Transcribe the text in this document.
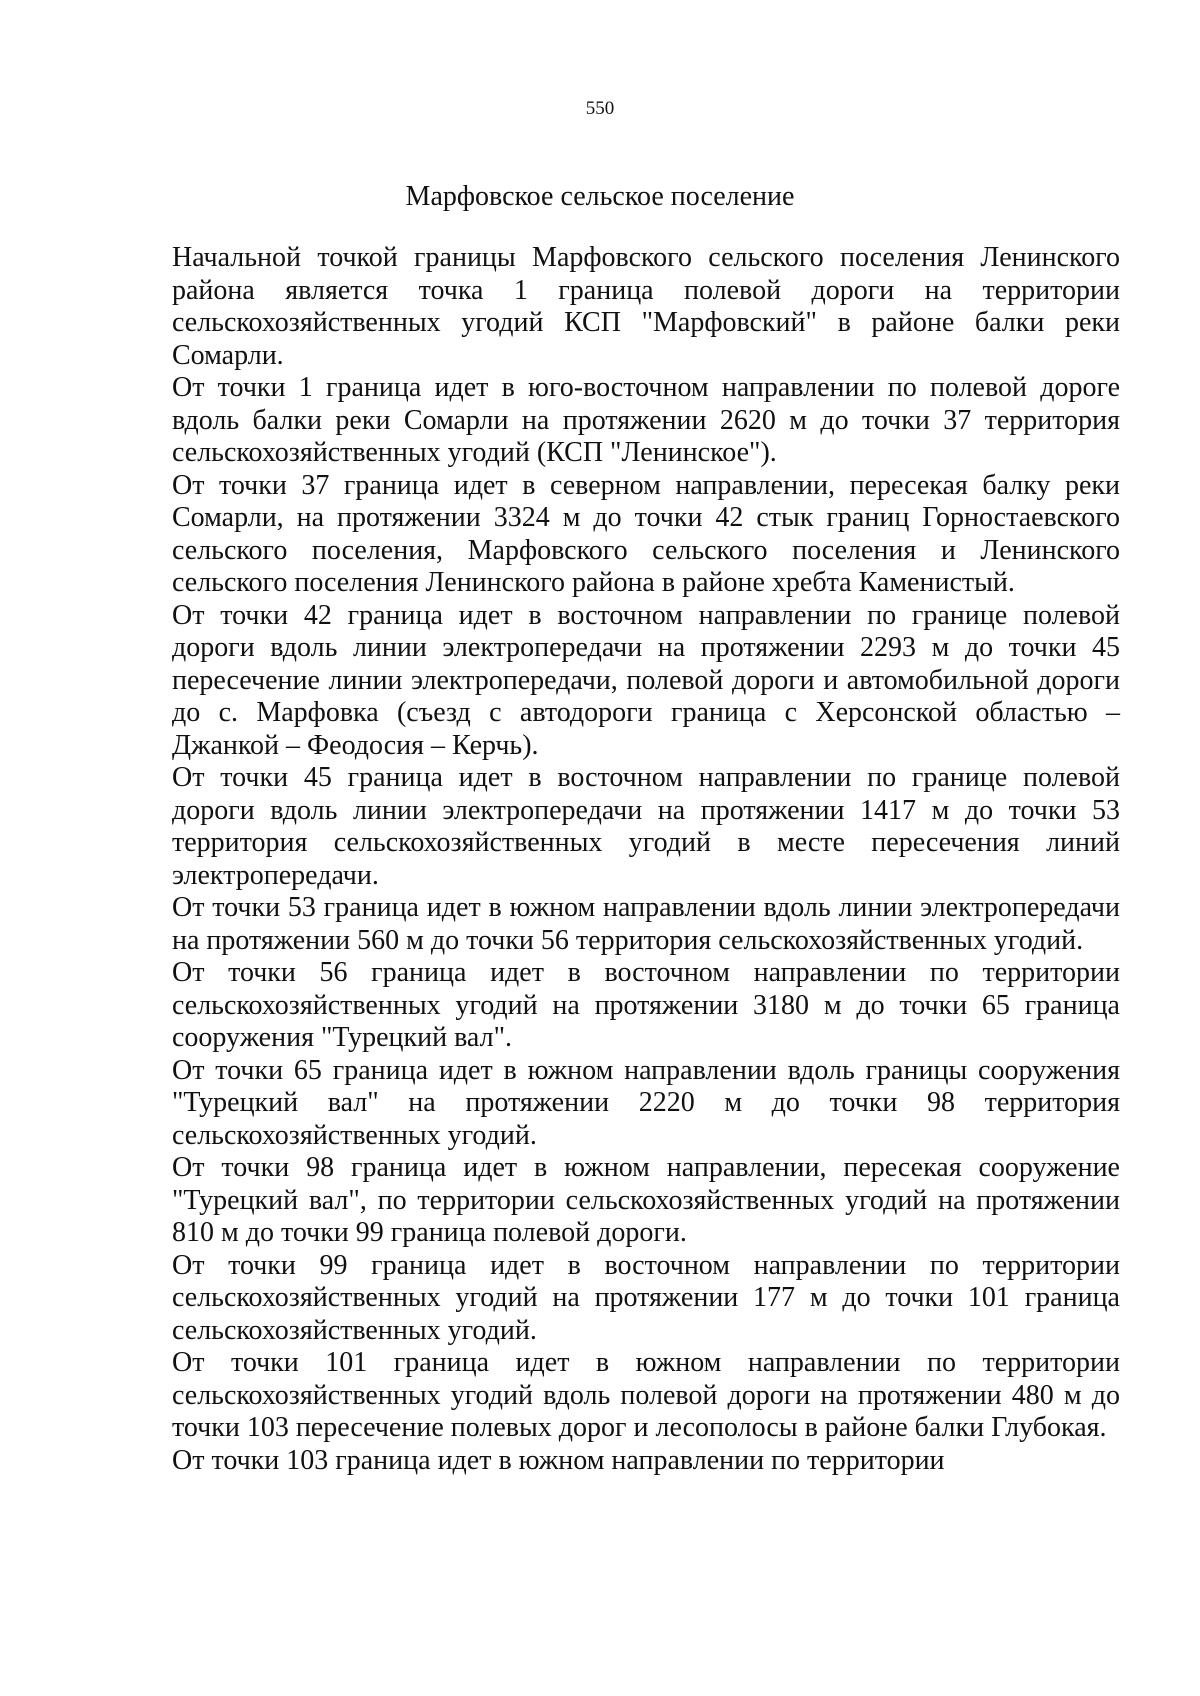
550
Марфовское сельское поселение

Начальной точкой границы Марфовского сельского поселения Ленинского района является точка 1 граница полевой дороги на территории сельскохозяйственных угодий КСП "Марфовский" в районе балки реки Сомарли.

От точки 1 граница идет в юго-восточном направлении по полевой дороге вдоль балки реки Сомарли на протяжении 2620 м до точки 37 территория сельскохозяйственных угодий (КСП "Ленинское").

От точки 37 граница идет в северном направлении, пересекая балку реки Сомарли, на протяжении 3324 м до точки 42 стык границ Горностаевского сельского поселения, Марфовского сельского поселения и Ленинского сельского поселения Ленинского района в районе хребта Каменистый.

От точки 42 граница идет в восточном направлении по границе полевой дороги вдоль линии электропередачи на протяжении 2293 м до точки 45 пересечение линии электропередачи, полевой дороги и автомобильной дороги до с. Марфовка (съезд с автодороги граница с Херсонской областью – Джанкой – Феодосия – Керчь).

От точки 45 граница идет в восточном направлении по границе полевой дороги вдоль линии электропередачи на протяжении 1417 м до точки 53 территория сельскохозяйственных угодий в месте пересечения линий электропередачи.

От точки 53 граница идет в южном направлении вдоль линии электропередачи на протяжении 560 м до точки 56 территория сельскохозяйственных угодий.

От точки 56 граница идет в восточном направлении по территории сельскохозяйственных угодий на протяжении 3180 м до точки 65 граница сооружения "Турецкий вал".

От точки 65 граница идет в южном направлении вдоль границы сооружения "Турецкий вал" на протяжении 2220 м до точки 98 территория сельскохозяйственных угодий.

От точки 98 граница идет в южном направлении, пересекая сооружение "Турецкий вал", по территории сельскохозяйственных угодий на протяжении 810 м до точки 99 граница полевой дороги.

От точки 99 граница идет в восточном направлении по территории сельскохозяйственных угодий на протяжении 177 м до точки 101 граница сельскохозяйственных угодий.

От точки 101 граница идет в южном направлении по территории сельскохозяйственных угодий вдоль полевой дороги на протяжении 480 м до точки 103 пересечение полевых дорог и лесополосы в районе балки Глубокая.

От точки 103 граница идет в южном направлении по территории
